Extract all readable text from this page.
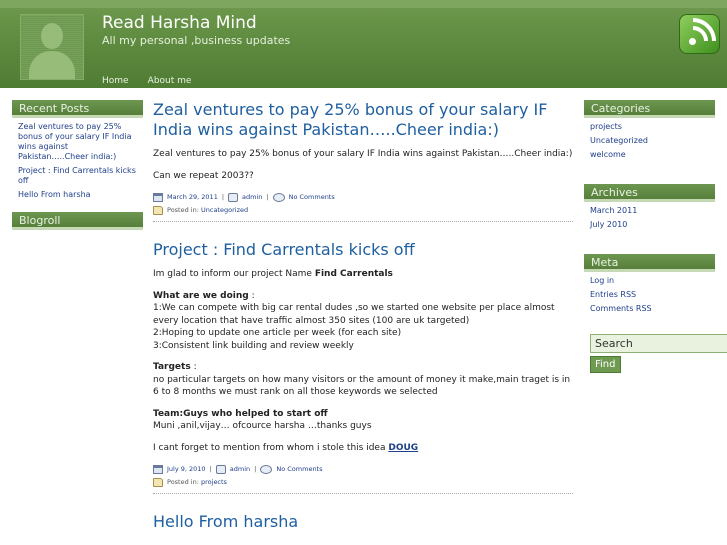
Read Harsha Mind
All my personal ,business updates
Home About me
Recent Posts
Zeal ventures to pay 25% bonus of your salary IF India wins against Pakistan…..Cheer india:)
Project : Find Carrentals kicks off
Hello From harsha
Blogroll
Zeal ventures to pay 25% bonus of your salary IF India wins against Pakistan…..Cheer india:)

Zeal ventures to pay 25% bonus of your salary IF India wins against Pakistan…..Cheer india:)

Can we repeat 2003??

March 29, 2011 |	admin |	No Comments
Posted in: Uncategorized
Project : Find Carrentals kicks off

Im glad to inform our project Name Find Carrentals

What are we doing :
1:We can compete with big car rental dudes ,so we started one website per place almost every location that have traffic almost 350 sites (100 are uk targeted)
2:Hoping to update one article per week (for each site)
3:Consistent link building and review weekly

Targets :
no particular targets on how many visitors or the amount of money it make,main traget is in 6 to 8 months we must rank on all those keywords we selected

Team:Guys who helped to start off
Muni ,anil,vijay… ofcource harsha …thanks guys

I cant forget to mention from whom i stole this idea DOUG

July 9, 2010 |	admin |	No Comments
Posted in: projects
Hello From harsha
Categories
projects
Uncategorized
welcome
Archives
March 2011
July 2010
Meta
Log in
Entries RSS
Comments RSS
Search
Find
